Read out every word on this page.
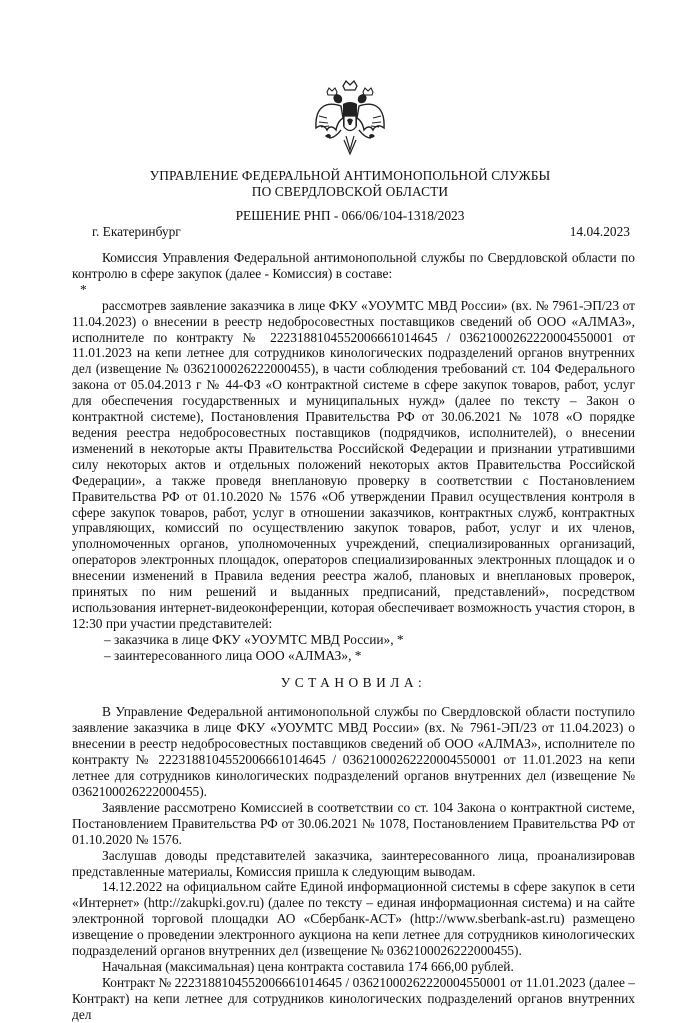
УПРАВЛЕНИЕ ФЕДЕРАЛЬНОЙ АНТИМОНОПОЛЬНОЙ СЛУЖБЫ
ПО СВЕРДЛОВСКОЙ ОБЛАСТИ
РЕШЕНИЕ РНП - 066/06/104-1318/2023
г. Екатеринбург	14.04.2023

Комиссия Управления Федеральной антимонопольной службы по Свердловской области по контролю в сфере закупок (далее - Комиссия) в составе:

*

рассмотрев заявление заказчика в лице ФКУ «УОУМТС МВД России» (вх. № 7961-ЭП/23 от 11.04.2023) о внесении в реестр недобросовестных поставщиков сведений об ООО «АЛМАЗ», исполнителе по контракту № 2223188104552006661014645 / 0362100026222000455000​1 от 11.01.2023 на кепи летнее для сотрудников кинологических подразделений органов внутренних дел (извещение № 0362100026222000455), в части соблюдения требований ст. 104 Федерального закона от 05.04.2013 г № 44-ФЗ «О контрактной системе в сфере закупок товаров, работ, услуг для обеспечения государственных и муниципальных нужд» (далее по тексту – Закон о контрактной системе), Постановления Правительства РФ от 30.06.2021 № 1078 «О порядке ведения реестра недобросовестных поставщиков (подрядчиков, исполнителей), о внесении изменений в некоторые акты Правительства Российской Федерации и признании утратившими силу некоторых актов и отдельных положений некоторых актов Правительства Российской Федерации», а также проведя внеплановую проверку в соответствии с Постановлением Правительства РФ от 01.10.2020 № 1576 «Об утверждении Правил осуществления контроля в сфере закупок товаров, работ, услуг в отношении заказчиков, контрактных служб, контрактных управляющих, комиссий по осуществлению закупок товаров, работ, услуг и их членов, уполномоченных органов, уполномоченных учреждений, специализированных организаций, операторов электронных площадок, операторов специализированных электронных площадок и о внесении изменений в Правила ведения реестра жалоб, плановых и внеплановых проверок, принятых по ним решений и выданных предписаний, представлений», посредством использования интернет-видеоконференции, которая обеспечивает возможность участия сторон, в 12:30 при участии представителей:

– заказчика в лице ФКУ «УОУМТС МВД России», *

– заинтересованного лица ООО «АЛМАЗ», *

УСТАНОВИЛА:

В Управление Федеральной антимонопольной службы по Свердловской области поступило заявление заказчика в лице ФКУ «УОУМТС МВД России» (вх. № 7961-ЭП/23 от 11.04.2023) о внесении в реестр недобросовестных поставщиков сведений об ООО «АЛМАЗ», исполнителе по контракту № 2223188104552006661014645 / 0362100026222000455000​1 от 11.01.2023 на кепи летнее для сотрудников кинологических подразделений органов внутренних дел (извещение № 0362100026222000455).

Заявление рассмотрено Комиссией в соответствии со ст. 104 Закона о контрактной системе, Постановлением Правительства РФ от 30.06.2021 № 1078, Постановлением Правительства РФ от 01.10.2020 № 1576.

Заслушав доводы представителей заказчика, заинтересованного лица, проанализировав представленные материалы, Комиссия пришла к следующим выводам.

14.12.2022 на официальном сайте Единой информационной системы в сфере закупок в сети «Интернет» (http://zakupki.gov.ru) (далее по тексту – единая информационная система) и на сайте электронной торговой площадки АО «Сбербанк-АСТ» (http://www.sberbank-ast.ru) размещено извещение о проведении электронного аукциона на кепи летнее для сотрудников кинологических подразделений органов внутренних дел (извещение № 0362100026222000455).

Начальная (максимальная) цена контракта составила 174 666,00 рублей.

Контракт № 2223188104552006661014645 / 0362100026222000455000​1 от 11.01.2023 (далее – Контракт) на кепи летнее для сотрудников кинологических подразделений органов внутренних дел
